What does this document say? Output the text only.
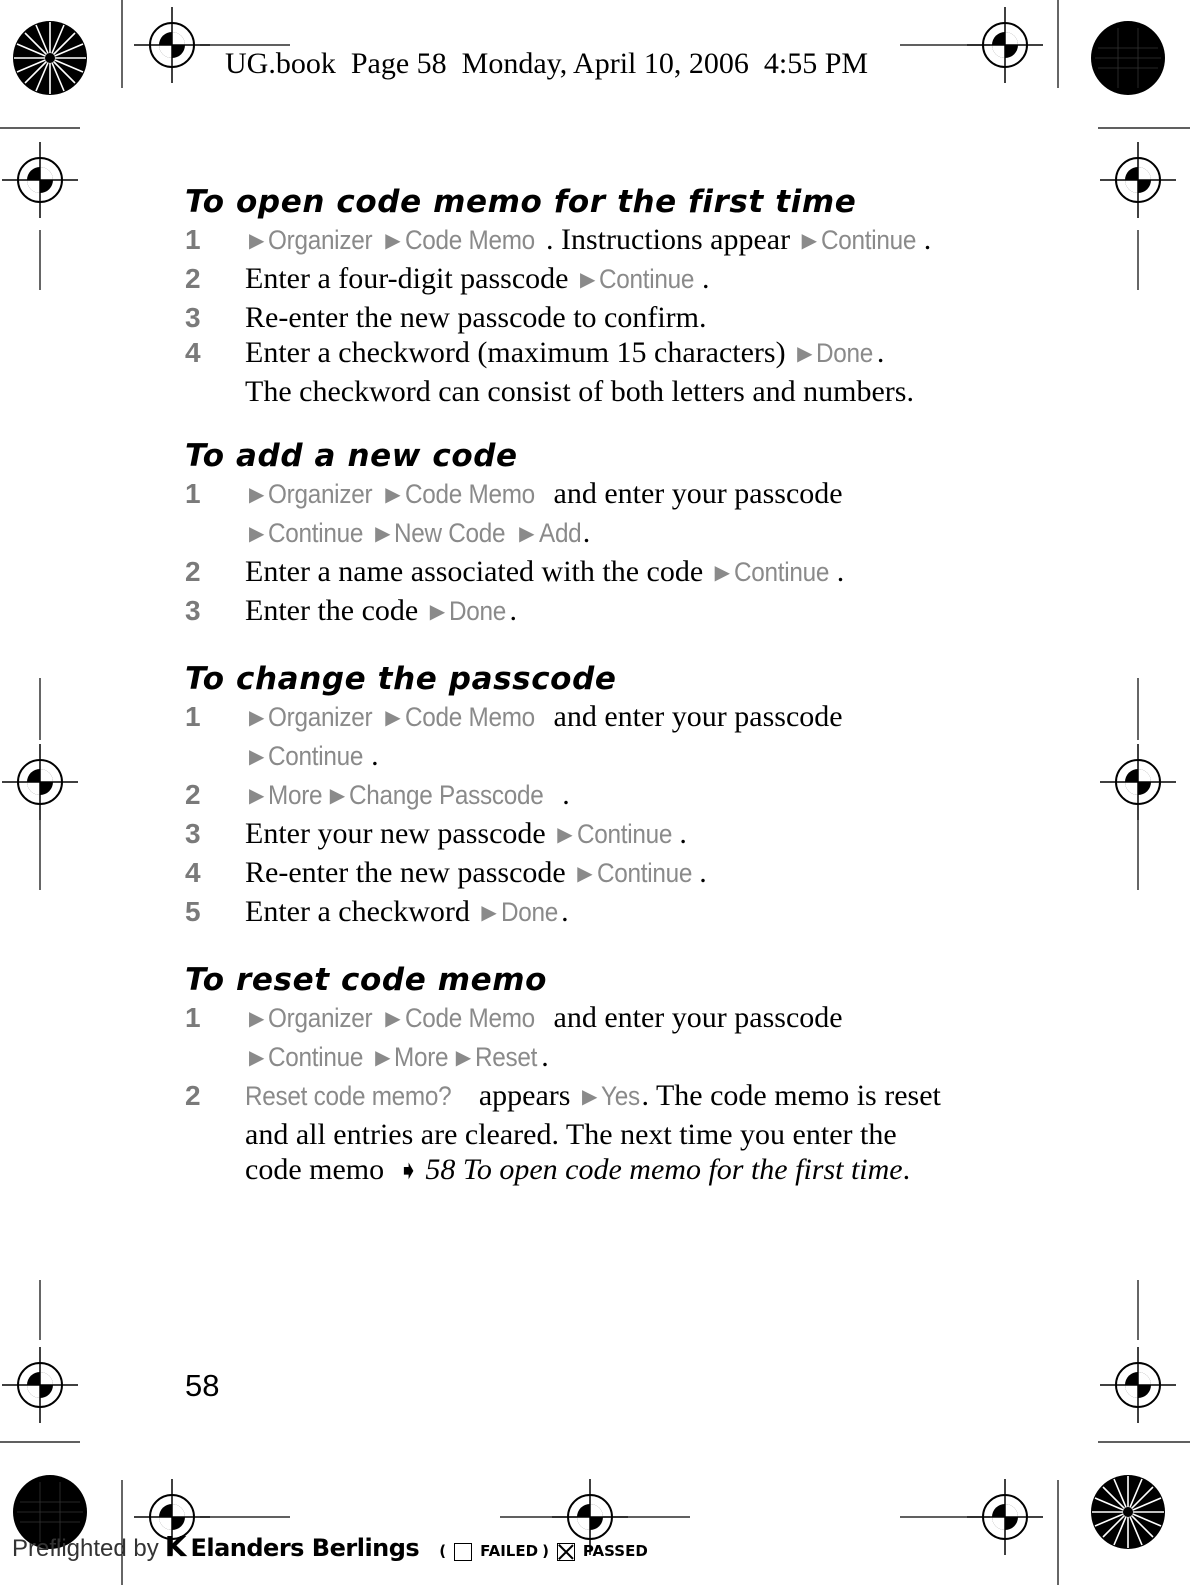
UG.book  Page 58  Monday, April 10, 2006  4:55 PM
To open code memo for the first time
1	▶ Organizer ▶ Code Memo . Instructions appear ▶ Continue .
2	Enter a four-digit passcode ▶ Continue .
3	Re-enter the new passcode to confirm.
4	Enter a checkword (maximum 15 characters) ▶ Done .
The checkword can consist of both letters and numbers.
To add a new code
1	▶ Organizer ▶ Code Memo and enter your passcode
▶ Continue ▶ New Code ▶ Add.
2	Enter a name associated with the code ▶ Continue .
3	Enter the code ▶ Done .
To change the passcode
1	▶ Organizer ▶ Code Memo and enter your passcode
▶ Continue .
2	▶ More ▶ Change Passcode .
3	Enter your new passcode ▶ Continue .
4	Re-enter the new passcode ▶ Continue .
5	Enter a checkword ▶ Done .
To reset code memo
1	▶ Organizer ▶ Code Memo and enter your passcode
▶ Continue ▶ More ▶ Reset .
2	Reset code memo? appears ▶ Yes. The code memo is reset
and all entries are cleared. The next time you enter the
code memo ➧ 58 To open code memo for the first time.
58
Preflighted by K Elanders Berlings ( FAILED ) PASSED
